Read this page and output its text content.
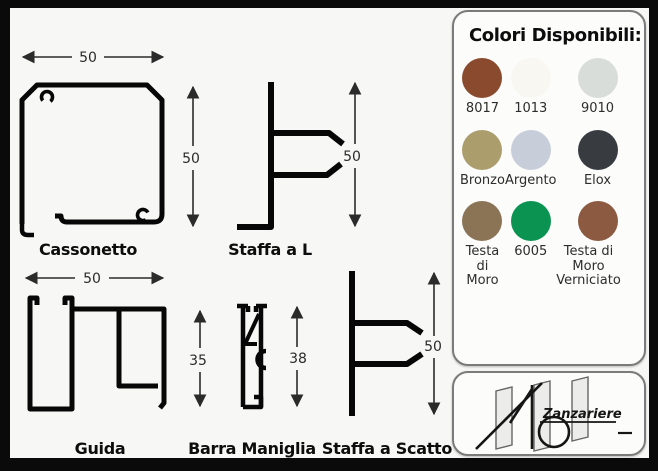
50
50
Cassonetto
50
Staffa a L
50
35
Guida
38
Barra Maniglia
50
Staffa a Scatto
Colori Disponibili:
8017 1013	9010
Bronzo Argento Elox
Testa di Moro
6005	Testa di Moro Verniciato
Zanzariere
